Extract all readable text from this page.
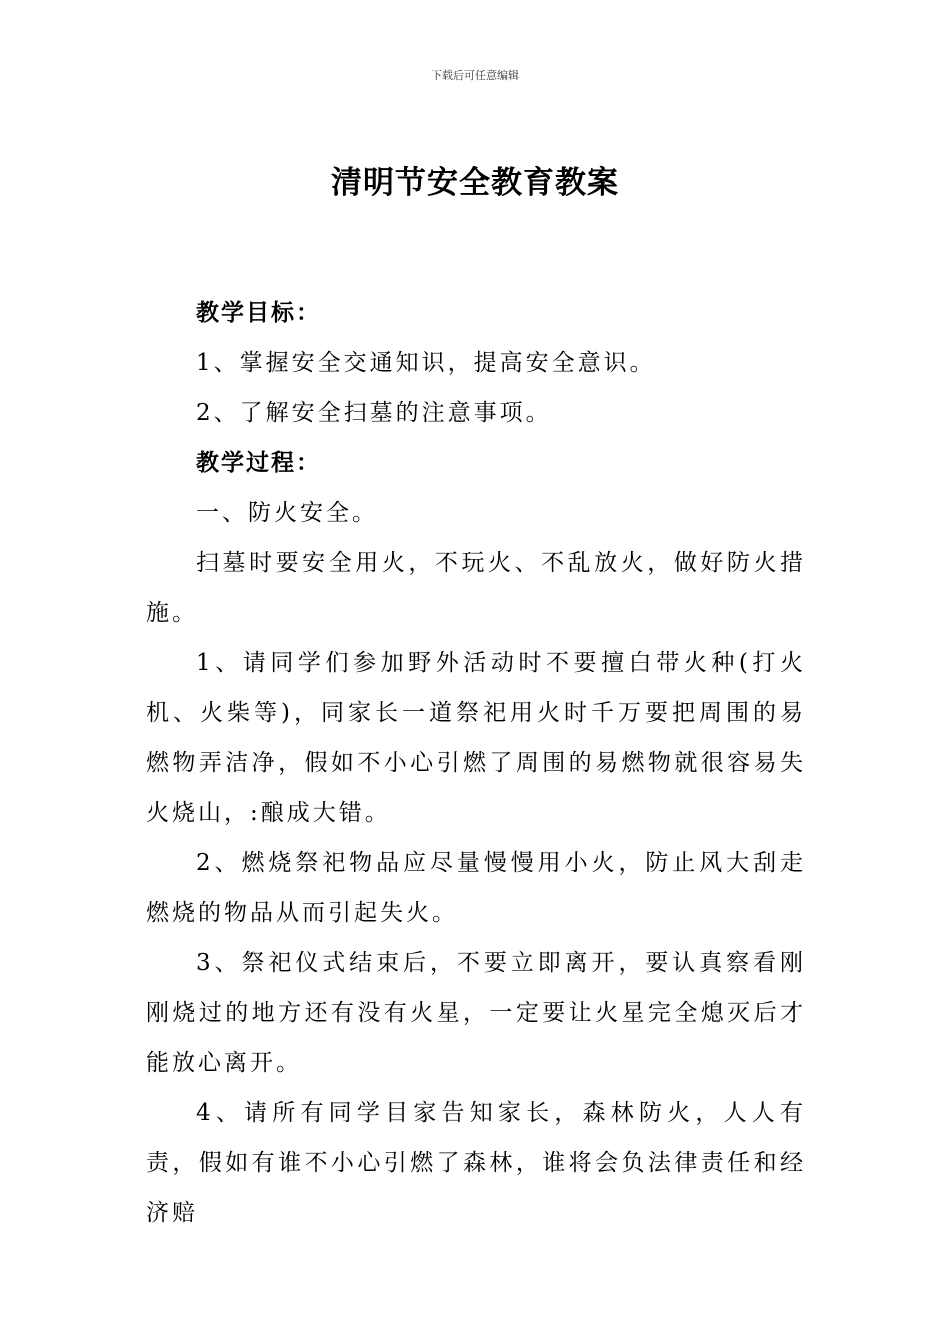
下载后可任意编辑
清明节安全教育教案

教学目标：

1、掌握安全交通知识，提高安全意识。

2、了解安全扫墓的注意事项。

教学过程：

一、防火安全。

扫墓时要安全用火，不玩火、不乱放火，做好防火措施。

1、请同学们参加野外活动时不要擅白带火种(打火机、火柴等)，同家长一道祭祀用火时千万要把周围的易燃物弄洁净，假如不小心引燃了周围的易燃物就很容易失火烧山，:酿成大错。

2、燃烧祭祀物品应尽量慢慢用小火，防止风大刮走燃烧的物品从而引起失火。

3、祭祀仪式结束后，不要立即离开，要认真察看刚刚烧过的地方还有没有火星，一定要让火星完全熄灭后才能放心离开。

4、请所有同学目家告知家长，森林防火，人人有责，假如有谁不小心引燃了森林，谁将会负法律责任和经济赔
